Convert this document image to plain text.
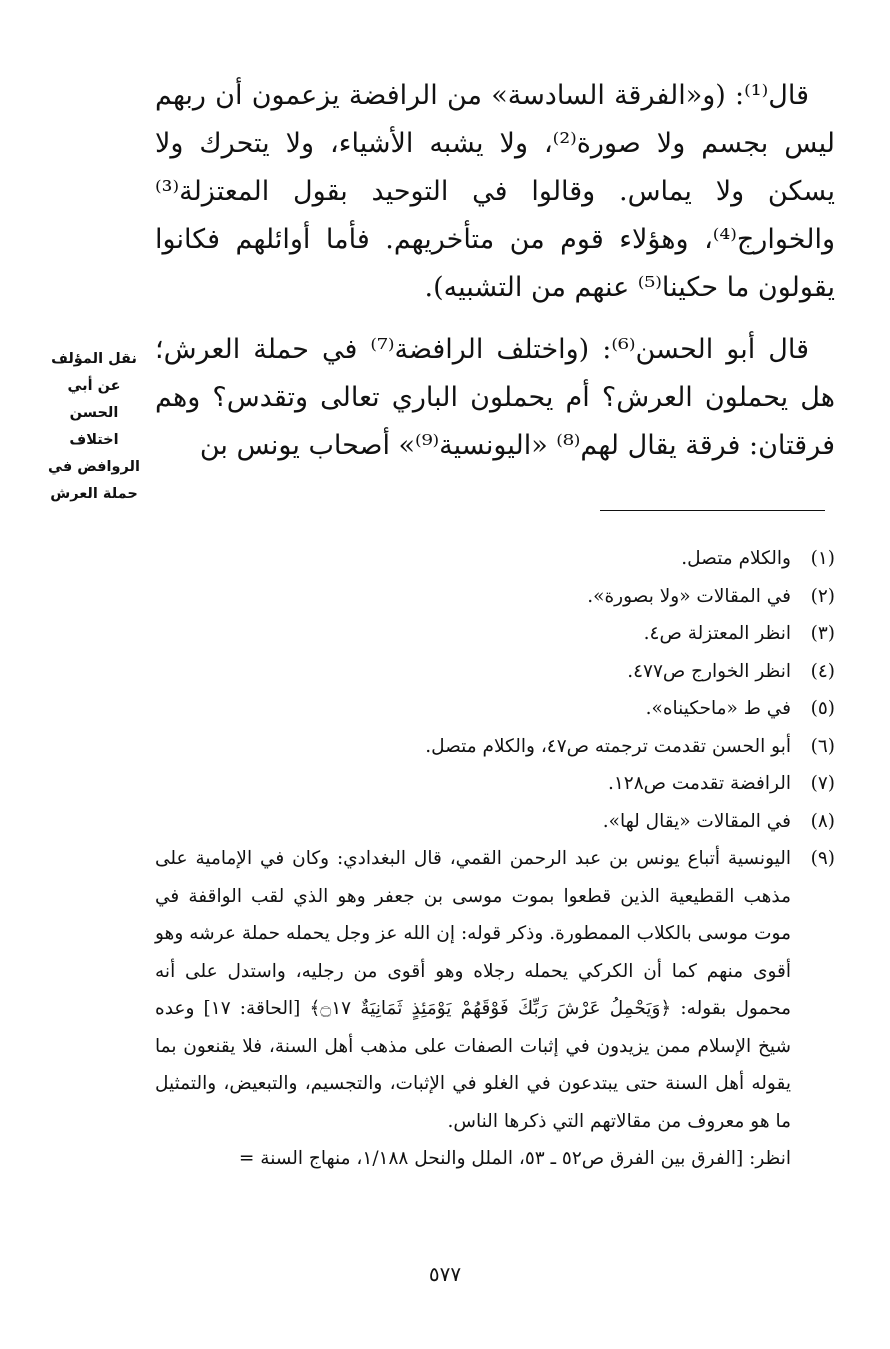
قال⁽¹⁾: (و«الفرقة السادسة» من الرافضة يزعمون أن ربهم ليس بجسم ولا صورة⁽²⁾، ولا يشبه الأشياء، ولا يتحرك ولا يسكن ولا يماس. وقالوا في التوحيد بقول المعتزلة⁽³⁾ والخوارج⁽⁴⁾، وهؤلاء قوم من متأخريهم. فأما أوائلهم فكانوا يقولون ما حكينا⁽⁵⁾ عنهم من التشبيه).

قال أبو الحسن⁽⁶⁾: (واختلف الرافضة⁽⁷⁾ في حملة العرش؛ هل يحملون العرش؟ أم يحملون الباري تعالى وتقدس؟ وهم فرقتان: فرقة يقال لهم⁽⁸⁾ «اليونسية⁽⁹⁾» أصحاب يونس بن

نقل المؤلف عن أبي الحسن اختلاف الروافض في حملة العرش
(١)
والكلام متصل.
(٢)
في المقالات «ولا بصورة».
(٣)
انظر المعتزلة ص٤.
(٤)
انظر الخوارج ص٤٧٧.
(٥)
في ط «ماحكيناه».
(٦)
أبو الحسن تقدمت ترجمته ص٤٧، والكلام متصل.
(٧)
الرافضة تقدمت ص١٢٨.
(٨)
في المقالات «يقال لها».
(٩)
اليونسية أتباع يونس بن عبد الرحمن القمي، قال البغدادي: وكان في الإمامية على مذهب القطيعية الذين قطعوا بموت موسى بن جعفر وهو الذي لقب الواقفة في موت موسى بالكلاب الممطورة. وذكر قوله: إن الله عز وجل يحمله حملة عرشه وهو أقوى منهم كما أن الكركي يحمله رجلاه وهو أقوى من رجليه، واستدل على أنه محمول بقوله: ﴿وَيَحْمِلُ عَرْشَ رَبِّكَ فَوْقَهُمْ يَوْمَئِذٍ ثَمَانِيَةٌ ۝١٧﴾ [الحاقة: ١٧] وعده شيخ الإسلام ممن يزيدون في إثبات الصفات على مذهب أهل السنة، فلا يقنعون بما يقوله أهل السنة حتى يبتدعون في الغلو في الإثبات، والتجسيم، والتبعيض، والتمثيل ما هو معروف من مقالاتهم التي ذكرها الناس.
انظر: [الفرق بين الفرق ص٥٢ ـ ٥٣، الملل والنحل ١/١٨٨، منهاج السنة =
٥٧٧
